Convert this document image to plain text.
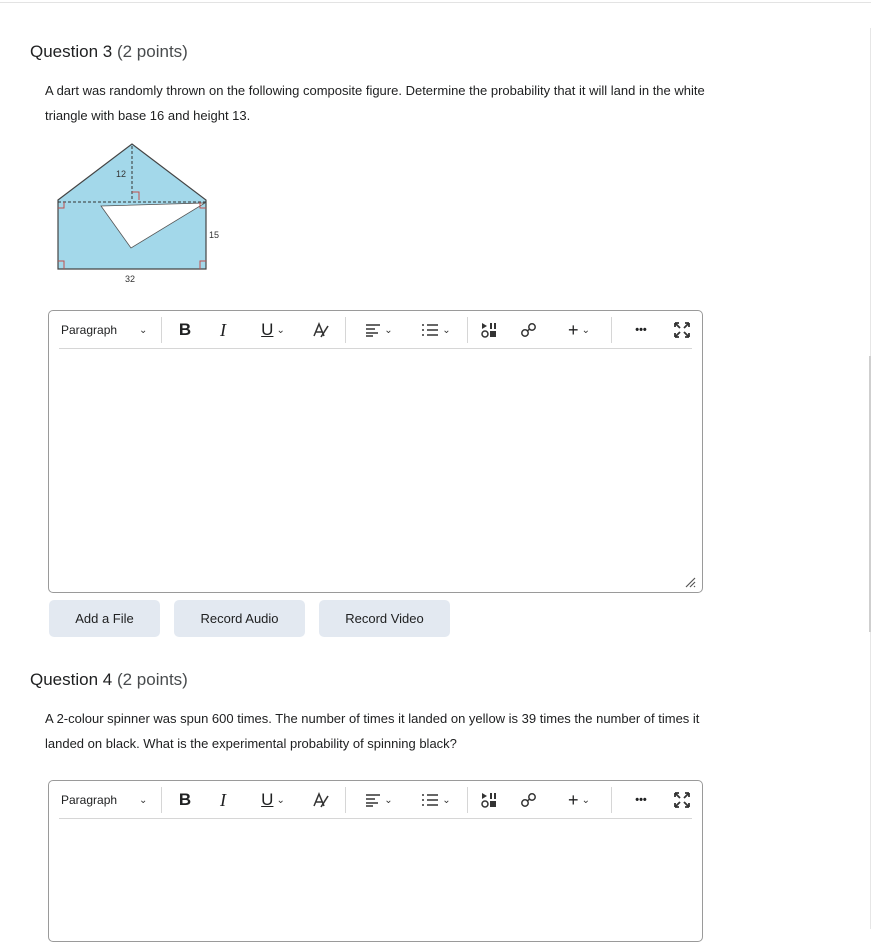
Question 3 (2 points)
A dart was randomly thrown on the following composite figure. Determine the probability that it will land in the white triangle with base 16 and height 13.
12
15
32
Paragraph ⌄	B	I	U ⌄	⌄	⌄	+ ⌄	•••
Add a File	Record Audio	Record Video
Question 4 (2 points)
A 2-colour spinner was spun 600 times. The number of times it landed on yellow is 39 times the number of times it landed on black. What is the experimental probability of spinning black?
Paragraph ⌄	B	I	U ⌄	⌄	⌄	+ ⌄	•••
